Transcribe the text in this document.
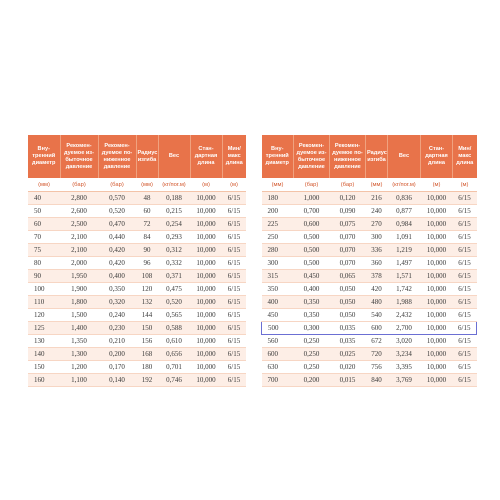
Вну-
тренний
диаметр	Рекомен-
дуемое из-
быточное
давление	Рекомен-
дуемое по-
ниженное
давление	Радиус
изгиба	Вес	Стан-
дартная
длина	Мин/
макс
длина
(мм)	(бар)	(бар)	(мм)	(кг/пог.м)	(м)	(м)
40	2,800	0,570	48	0,188	10,000	6/15
50	2,600	0,520	60	0,215	10,000	6/15
60	2,500	0,470	72	0,254	10,000	6/15
70	2,100	0,440	84	0,293	10,000	6/15
75	2,100	0,420	90	0,312	10,000	6/15
80	2,000	0,420	96	0,332	10,000	6/15
90	1,950	0,400	108	0,371	10,000	6/15
100	1,900	0,350	120	0,475	10,000	6/15
110	1,800	0,320	132	0,520	10,000	6/15
120	1,500	0,240	144	0,565	10,000	6/15
125	1,400	0,230	150	0,588	10,000	6/15
130	1,350	0,210	156	0,610	10,000	6/15
140	1,300	0,200	168	0,656	10,000	6/15
150	1,200	0,170	180	0,701	10,000	6/15
160	1,100	0,140	192	0,746	10,000	6/15
Вну-
тренний
диаметр	Рекомен-
дуемое из-
быточное
давление	Рекомен-
дуемое по-
ниженное
давление	Радиус
изгиба	Вес	Стан-
дартная
длина	Мин/
макс
длина
(мм)	(бар)	(бар)	(мм)	(кг/пог.м)	(м)	(м)
180	1,000	0,120	216	0,836	10,000	6/15
200	0,700	0,090	240	0,877	10,000	6/15
225	0,600	0,075	270	0,984	10,000	6/15
250	0,500	0,070	300	1,091	10,000	6/15
280	0,500	0,070	336	1,219	10,000	6/15
300	0,500	0,070	360	1,497	10,000	6/15
315	0,450	0,065	378	1,571	10,000	6/15
350	0,400	0,050	420	1,742	10,000	6/15
400	0,350	0,050	480	1,988	10,000	6/15
450	0,350	0,050	540	2,432	10,000	6/15
500	0,300	0,035	600	2,700	10,000	6/15
560	0,250	0,035	672	3,020	10,000	6/15
600	0,250	0,025	720	3,234	10,000	6/15
630	0,250	0,020	756	3,395	10,000	6/15
700	0,200	0,015	840	3,769	10,000	6/15
